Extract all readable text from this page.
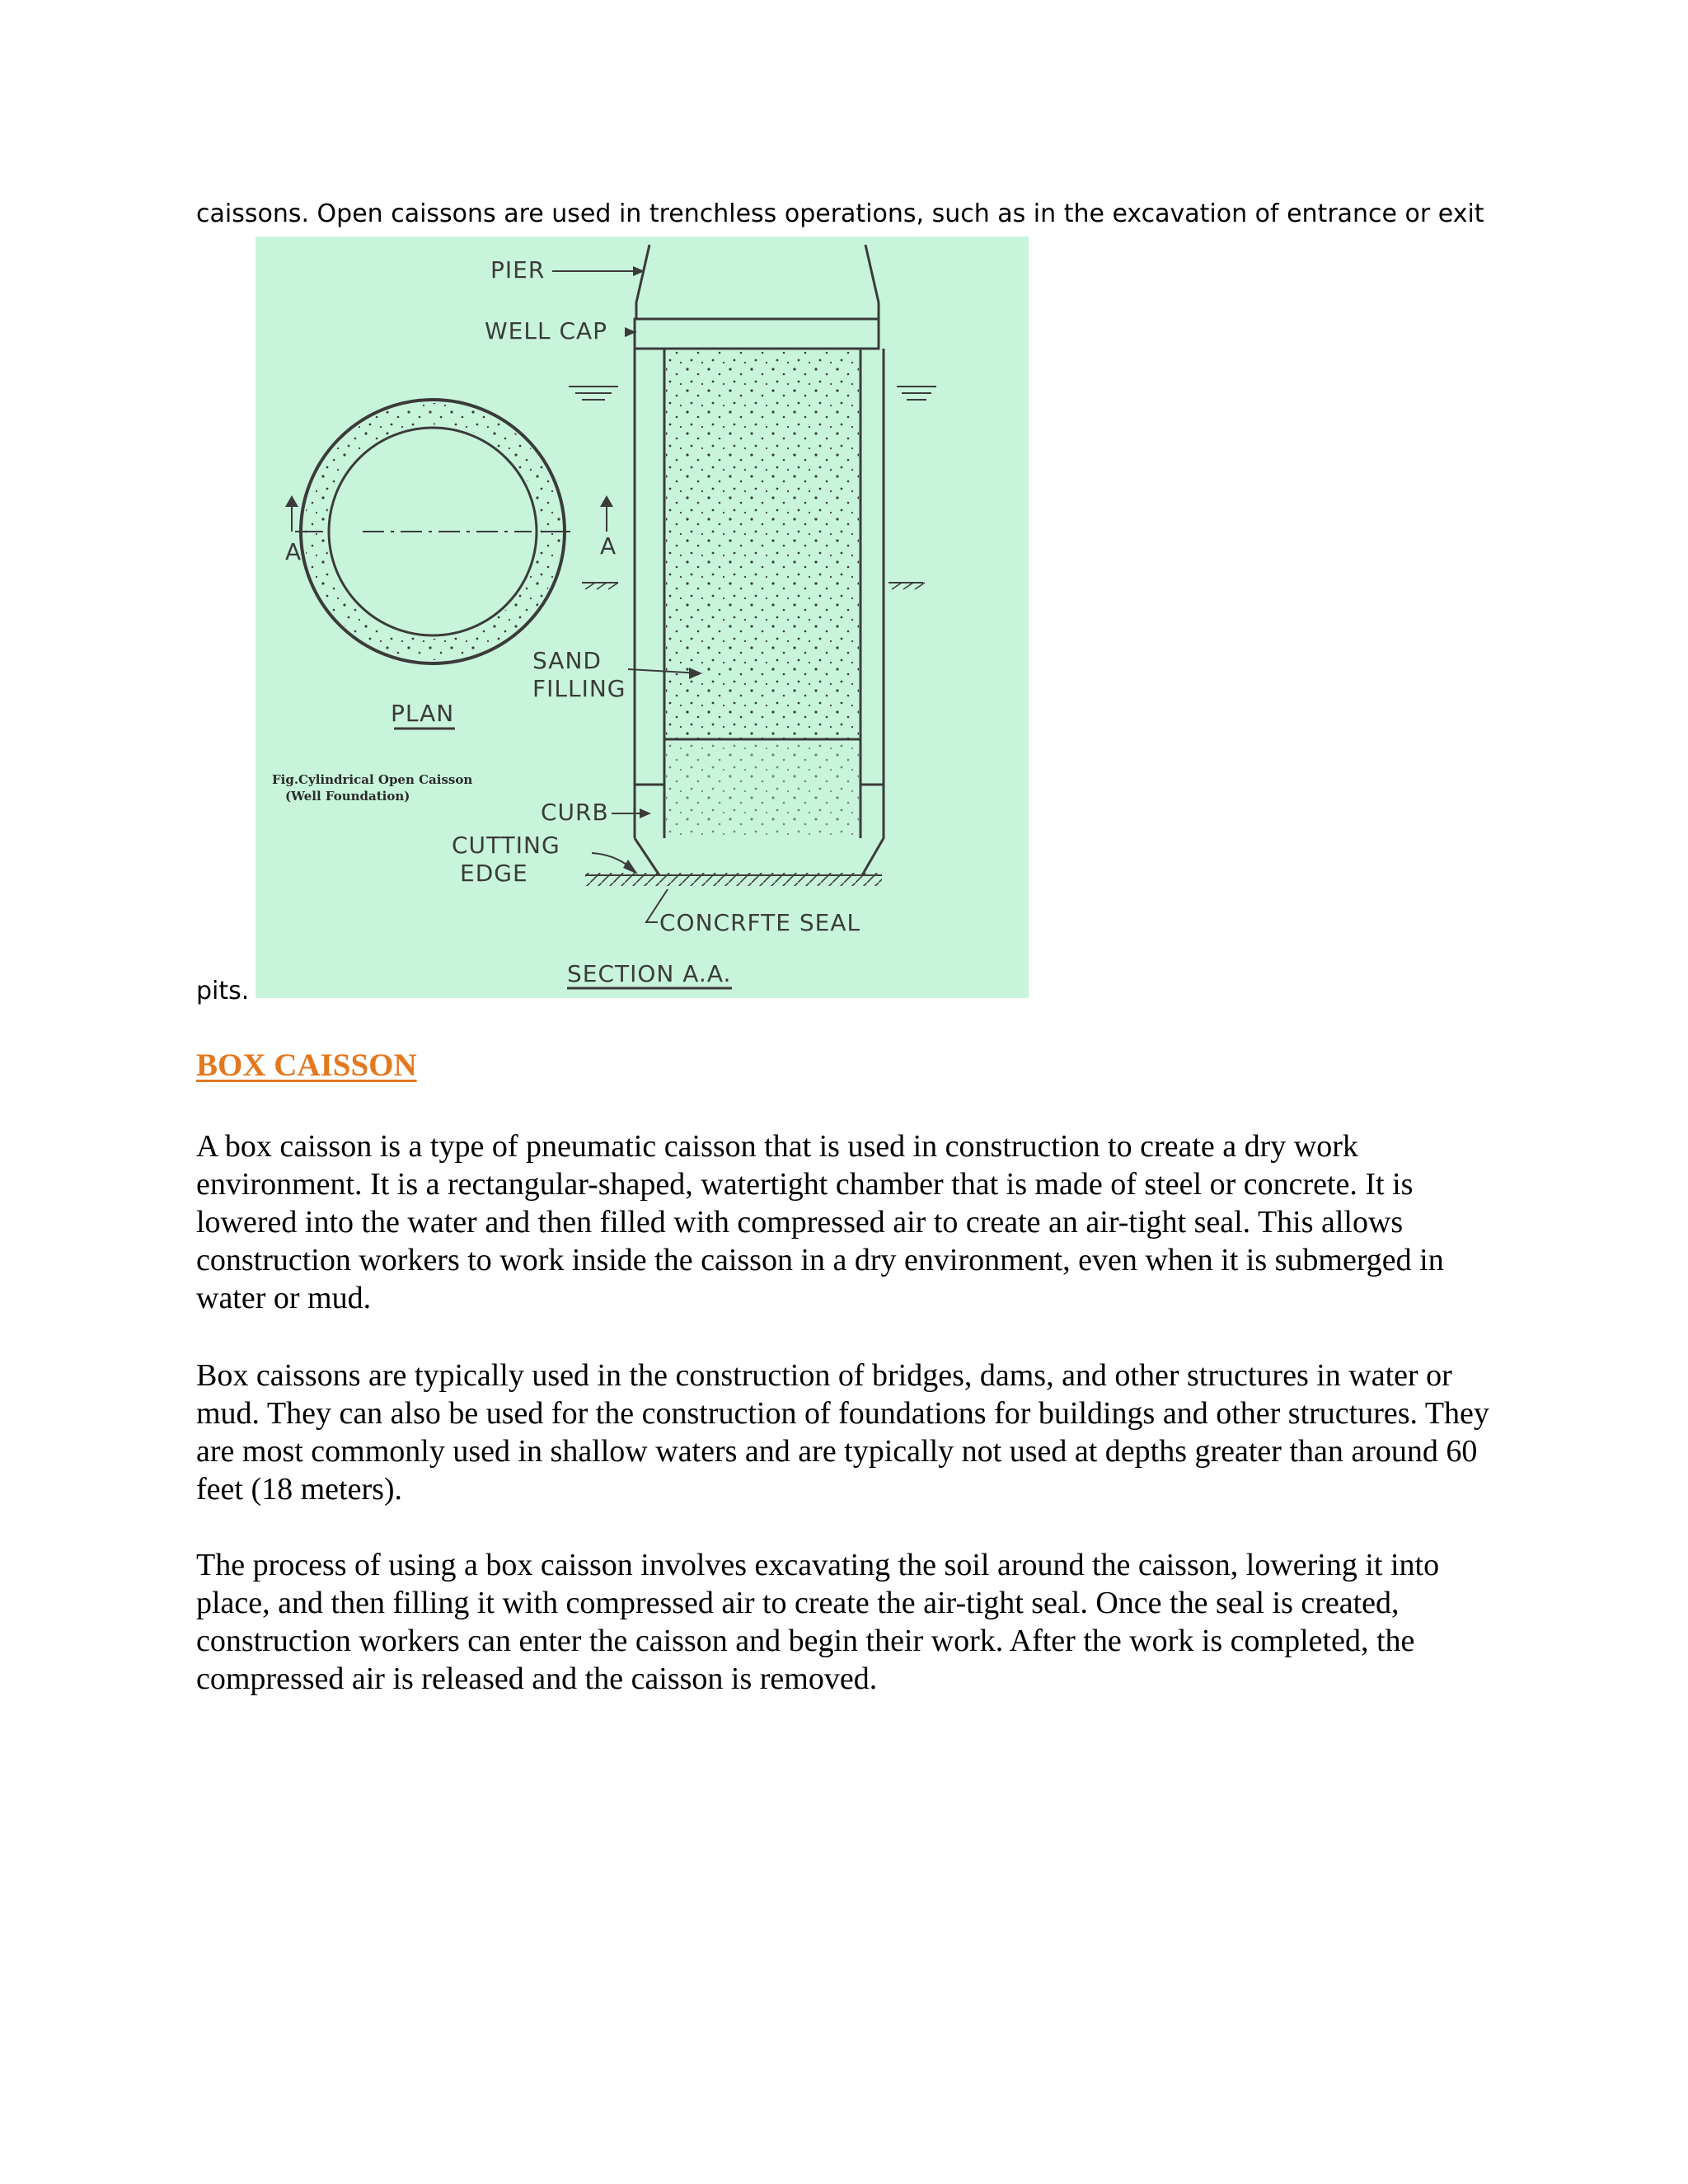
caissons. Open caissons are used in trenchless operations, such as in the excavation of entrance or exit
pits.
A	A
PLAN
Fig.Cylindrical Open Caisson
(Well Foundation)
PIER
WELL CAP
SAND
FILLING
CURB
CUTTING
EDGE
CONCRFTE SEAL
SECTION A.A.
BOX CAISSON

A box caisson is a type of pneumatic caisson that is used in construction to create a dry work environment. It is a rectangular-shaped, watertight chamber that is made of steel or concrete. It is lowered into the water and then filled with compressed air to create an air-tight seal. This allows construction workers to work inside the caisson in a dry environment, even when it is submerged in water or mud.

Box caissons are typically used in the construction of bridges, dams, and other structures in water or mud. They can also be used for the construction of foundations for buildings and other structures. They are most commonly used in shallow waters and are typically not used at depths greater than around 60 feet (18 meters).

The process of using a box caisson involves excavating the soil around the caisson, lowering it into place, and then filling it with compressed air to create the air-tight seal. Once the seal is created, construction workers can enter the caisson and begin their work. After the work is completed, the compressed air is released and the caisson is removed.
